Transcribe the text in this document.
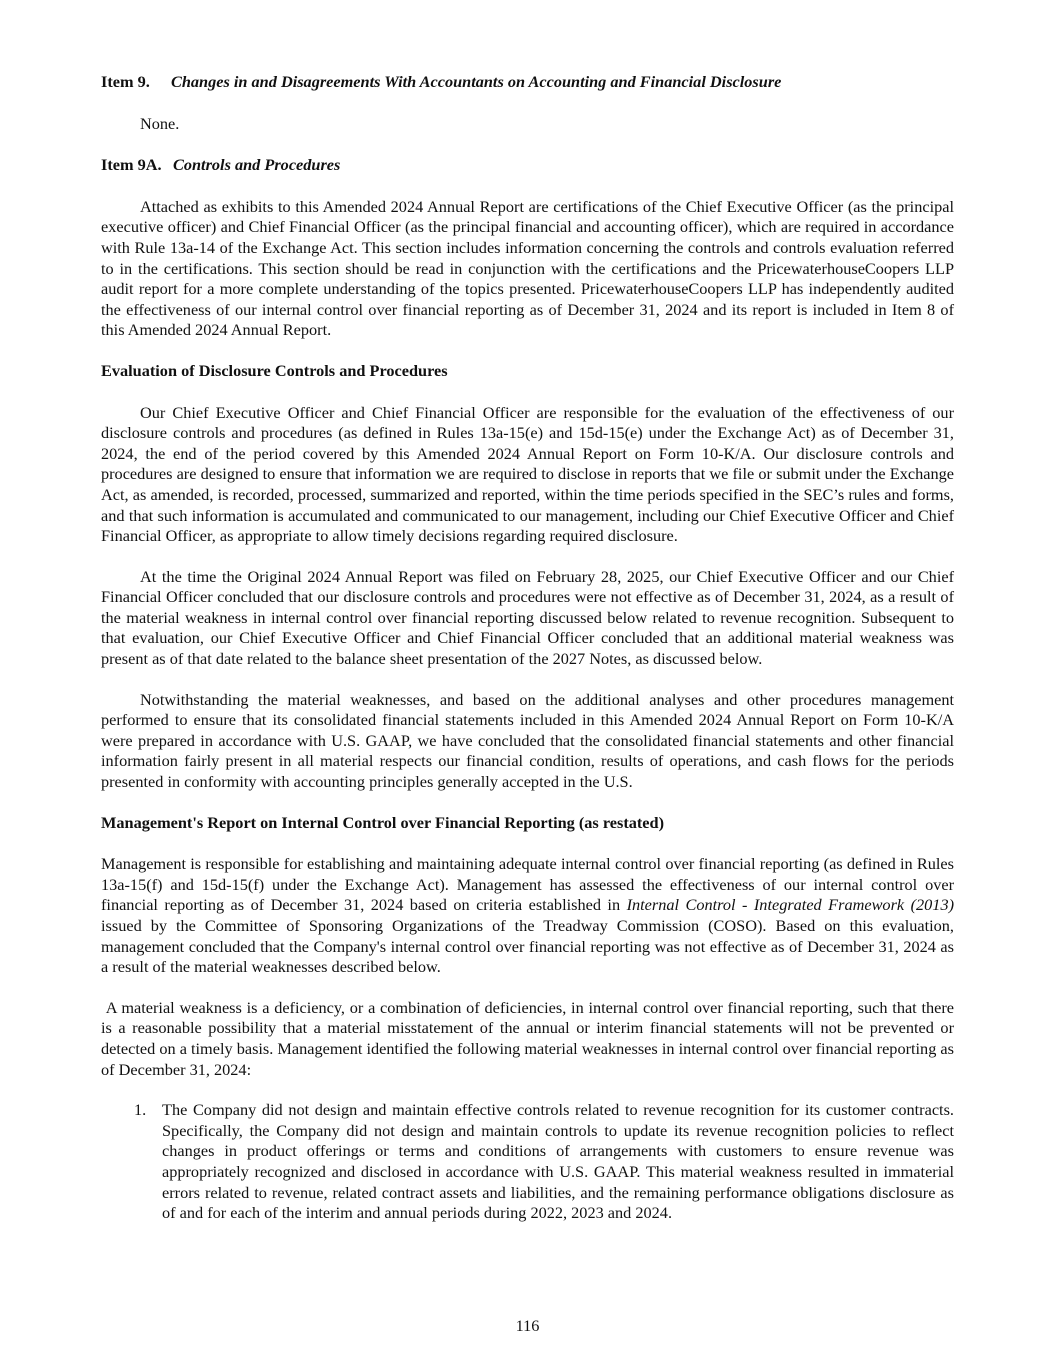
Item 9. Changes in and Disagreements With Accountants on Accounting and Financial Disclosure

None.

Item 9A. Controls and Procedures

Attached as exhibits to this Amended 2024 Annual Report are certifications of the Chief Executive Officer (as the principal executive officer) and Chief Financial Officer (as the principal financial and accounting officer), which are required in accordance with Rule 13a-14 of the Exchange Act. This section includes information concerning the controls and controls evaluation referred to in the certifications. This section should be read in conjunction with the certifications and the PricewaterhouseCoopers LLP audit report for a more complete understanding of the topics presented. PricewaterhouseCoopers LLP has independently audited the effectiveness of our internal control over financial reporting as of December 31, 2024 and its report is included in Item 8 of this Amended 2024 Annual Report.

Evaluation of Disclosure Controls and Procedures

Our Chief Executive Officer and Chief Financial Officer are responsible for the evaluation of the effectiveness of our disclosure controls and procedures (as defined in Rules 13a-15(e) and 15d-15(e) under the Exchange Act) as of December 31, 2024, the end of the period covered by this Amended 2024 Annual Report on Form 10-K/A. Our disclosure controls and procedures are designed to ensure that information we are required to disclose in reports that we file or submit under the Exchange Act, as amended, is recorded, processed, summarized and reported, within the time periods specified in the SEC’s rules and forms, and that such information is accumulated and communicated to our management, including our Chief Executive Officer and Chief Financial Officer, as appropriate to allow timely decisions regarding required disclosure.

At the time the Original 2024 Annual Report was filed on February 28, 2025, our Chief Executive Officer and our Chief Financial Officer concluded that our disclosure controls and procedures were not effective as of December 31, 2024, as a result of the material weakness in internal control over financial reporting discussed below related to revenue recognition. Subsequent to that evaluation, our Chief Executive Officer and Chief Financial Officer concluded that an additional material weakness was present as of that date related to the balance sheet presentation of the 2027 Notes, as discussed below.

Notwithstanding the material weaknesses, and based on the additional analyses and other procedures management performed to ensure that its consolidated financial statements included in this Amended 2024 Annual Report on Form 10-K/A were prepared in accordance with U.S. GAAP, we have concluded that the consolidated financial statements and other financial information fairly present in all material respects our financial condition, results of operations, and cash flows for the periods presented in conformity with accounting principles generally accepted in the U.S.

Management's Report on Internal Control over Financial Reporting (as restated)

Management is responsible for establishing and maintaining adequate internal control over financial reporting (as defined in Rules 13a-15(f) and 15d-15(f) under the Exchange Act). Management has assessed the effectiveness of our internal control over financial reporting as of December 31, 2024 based on criteria established in Internal Control - Integrated Framework (2013) issued by the Committee of Sponsoring Organizations of the Treadway Commission (COSO). Based on this evaluation, management concluded that the Company's internal control over financial reporting was not effective as of December 31, 2024 as a result of the material weaknesses described below.

A material weakness is a deficiency, or a combination of deficiencies, in internal control over financial reporting, such that there is a reasonable possibility that a material misstatement of the annual or interim financial statements will not be prevented or detected on a timely basis. Management identified the following material weaknesses in internal control over financial reporting as of December 31, 2024:

1. The Company did not design and maintain effective controls related to revenue recognition for its customer contracts. Specifically, the Company did not design and maintain controls to update its revenue recognition policies to reflect changes in product offerings or terms and conditions of arrangements with customers to ensure revenue was appropriately recognized and disclosed in accordance with U.S. GAAP. This material weakness resulted in immaterial errors related to revenue, related contract assets and liabilities, and the remaining performance obligations disclosure as of and for each of the interim and annual periods during 2022, 2023 and 2024.
116
